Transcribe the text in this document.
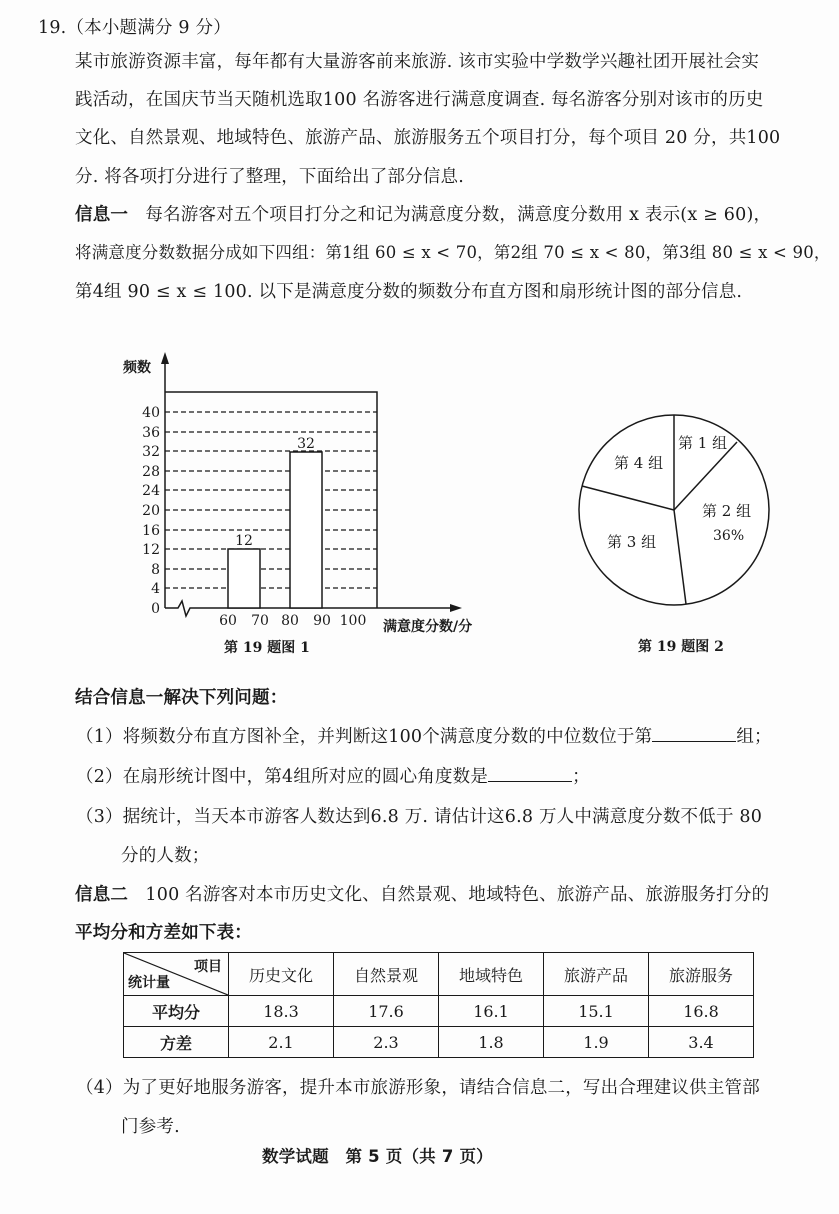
19.（本小题满分 9 分）
某市旅游资源丰富，每年都有大量游客前来旅游. 该市实验中学数学兴趣社团开展社会实
践活动，在国庆节当天随机选取100 名游客进行满意度调查. 每名游客分别对该市的历史
文化、自然景观、地域特色、旅游产品、旅游服务五个项目打分，每个项目 20 分，共100
分. 将各项打分进行了整理，下面给出了部分信息.
信息一 每名游客对五个项目打分之和记为满意度分数，满意度分数用 x 表示(x ≥ 60)，
将满意度分数数据分成如下四组：第1组 60 ≤ x < 70，第2组 70 ≤ x < 80，第3组 80 ≤ x < 90，
第4组 90 ≤ x ≤ 100. 以下是满意度分数的频数分布直方图和扇形统计图的部分信息.
频数
40
36
32
28
24
20
16
12
8
4
0
12
32
60 70 80 90 100 满意度分数/分
第 19 题图 1
第 1 组
第 4 组
第 2 组
36%
第 3 组
第 19 题图 2
结合信息一解决下列问题：
（1）将频数分布直方图补全，并判断这100个满意度分数的中位数位于第	组；
（2）在扇形统计图中，第4组所对应的圆心角度数是	；
（3）据统计，当天本市游客人数达到6.8 万. 请估计这6.8 万人中满意度分数不低于 80
分的人数；
信息二 100 名游客对本市历史文化、自然景观、地域特色、旅游产品、旅游服务打分的
平均分和方差如下表：
项目
统计量	历史文化	自然景观	地域特色	旅游产品	旅游服务
平均分	18.3	17.6	16.1	15.1	16.8
方差	2.1	2.3	1.8	1.9	3.4
（4）为了更好地服务游客，提升本市旅游形象，请结合信息二，写出合理建议供主管部
门参考.
数学试题　第 5 页（共 7 页）
